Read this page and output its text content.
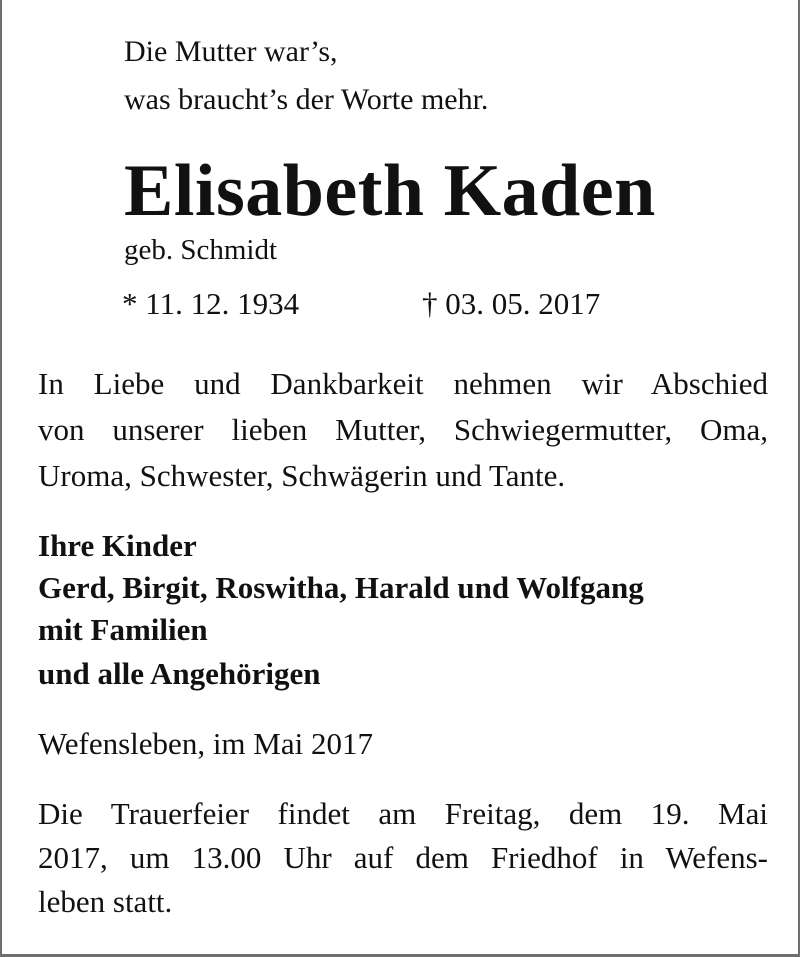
Die Mutter war’s,

was braucht’s der Worte mehr.

Elisabeth Kaden

geb. Schmidt

* 11. 12. 1934	† 03. 05. 2017

In Liebe und Dankbarkeit nehmen wir Abschied

von unserer lieben Mutter, Schwiegermutter, Oma,

Uroma, Schwester, Schwägerin und Tante.

Ihre Kinder

Gerd, Birgit, Roswitha, Harald und Wolfgang

mit Familien

und alle Angehörigen

Wefensleben, im Mai 2017

Die Trauerfeier findet am Freitag, dem 19. Mai

2017, um 13.00 Uhr auf dem Friedhof in Wefens-

leben statt.
